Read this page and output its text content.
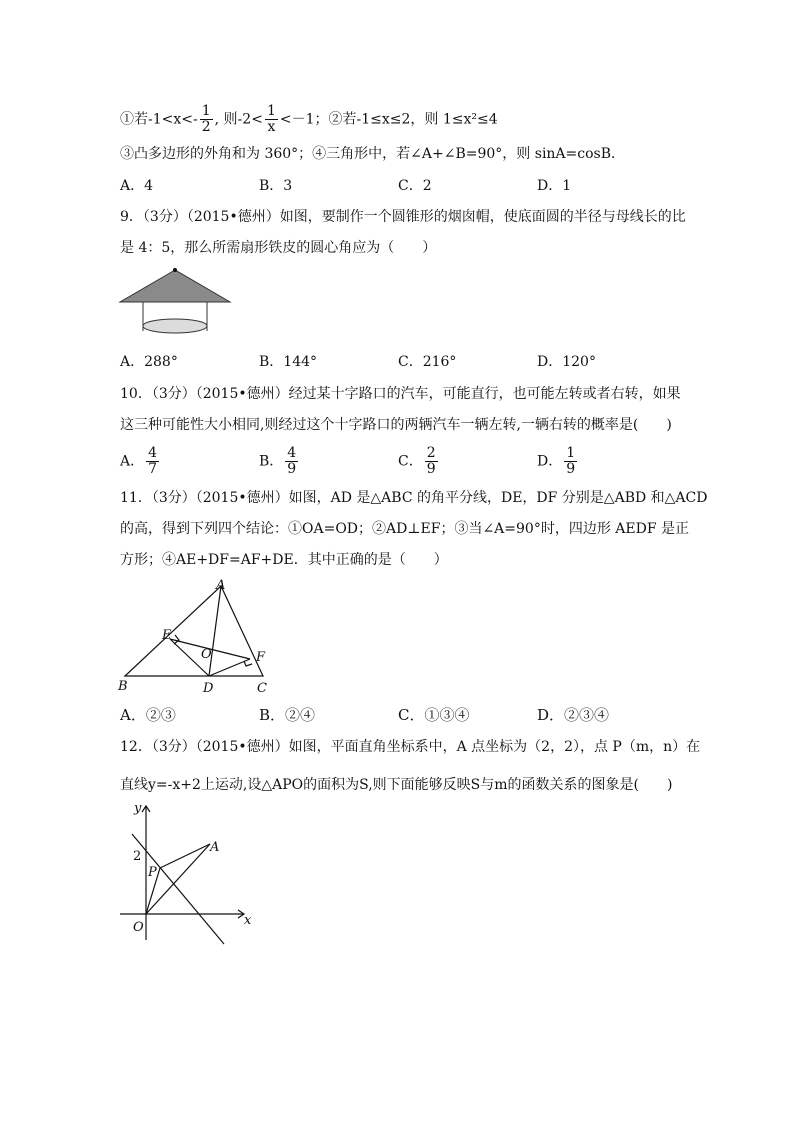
①若$-1<x<- \frac{1}{2}$ , 则$-2< \frac{1}{x} <-1$；②若-1≤x≤2，则 1≤x²≤4
③凸多边形的外角和为 360°；④三角形中，若∠A+∠B=90°，则 sinA=cosB．
A．4	B．3	C．2	D．1
9．（3分）（2015•德州）如图，要制作一个圆锥形的烟囱帽，使底面圆的半径与母线长的比
是 4：5，那么所需扇形铁皮的圆心角应为（　　）
A．288°	B．144°	C．216°	D．120°
10．（3分）（2015•德州）经过某十字路口的汽车，可能直行，也可能左转或者右转，如果
这三种可能性大小相同,则经过这个十字路口的两辆汽车一辆左转,一辆右转的概率是(　　)
A． $\frac{4}{7}$	B． $\frac{4}{9}$	C． $\frac{2}{9}$	D． $\frac{1}{9}$
11．（3分）（2015•德州）如图，AD 是△ABC 的角平分线，DE，DF 分别是△ABD 和△ACD
的高，得到下列四个结论：①OA=OD；②AD⊥EF；③当∠A=90°时，四边形 AEDF 是正
方形；④AE+DF=AF+DE．其中正确的是（　　）
A
E
O	F
B	D	C
A．②③	B．②④	C．①③④	D．②③④
12．（3分）（2015•德州）如图，平面直角坐标系中，A 点坐标为（2，2），点 P（m，n）在
直线y=-x+2上运动,设△APO的面积为S,则下面能够反映S与m的函数关系的图象是(　　)
y
2
A
P
x
O
